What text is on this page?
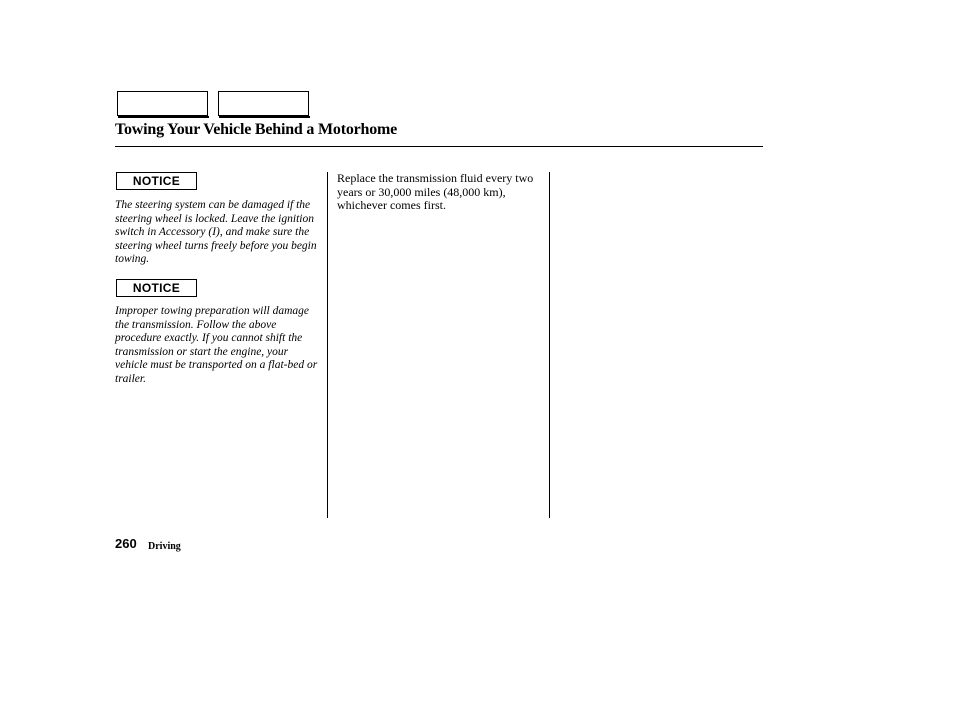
Towing Your Vehicle Behind a Motorhome
NOTICE

The steering system can be damaged if the steering wheel is locked. Leave the ignition switch in Accessory (I), and make sure the steering wheel turns freely before you begin towing.

NOTICE

Improper towing preparation will damage the transmission. Follow the above procedure exactly. If you cannot shift the transmission or start the engine, your vehicle must be transported on a flat-bed or trailer.

Replace the transmission fluid every two years or 30,000 miles (48,000 km), whichever comes first.

260 Driving
